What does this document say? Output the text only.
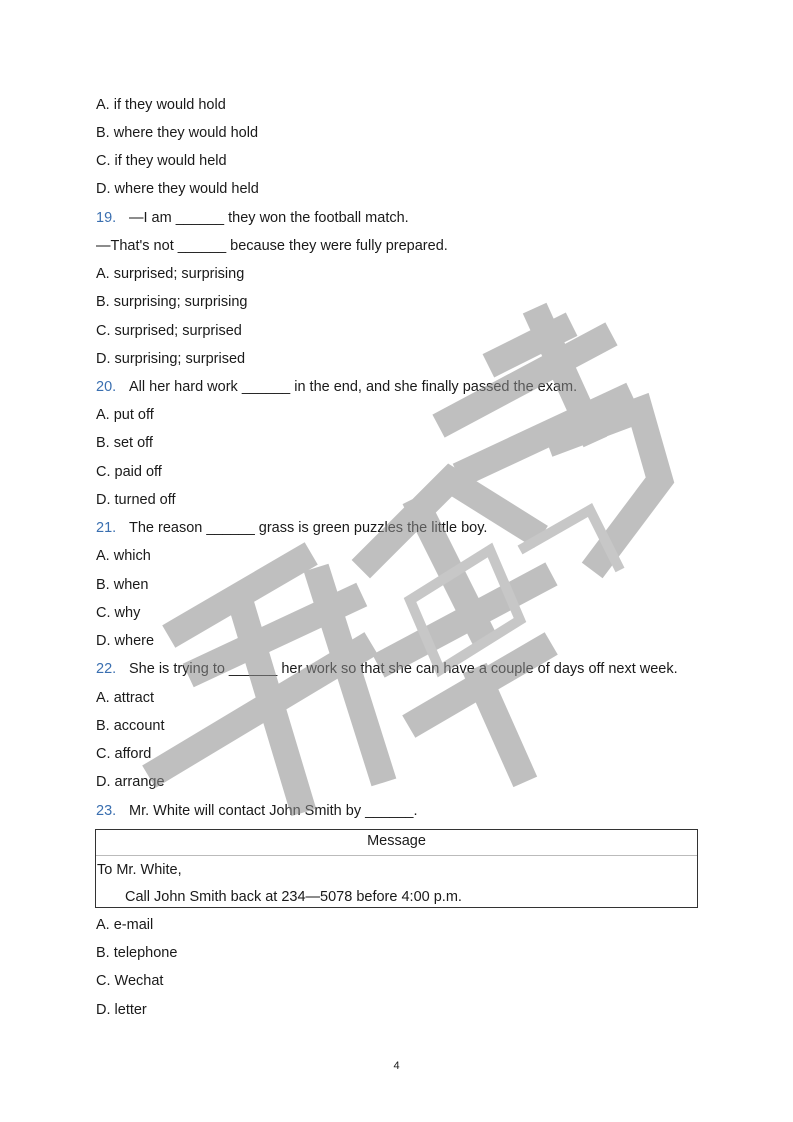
A. if they would hold
B. where they would hold
C. if they would held
D. where they would held
19. —I am ______ they won the football match.
—That's not ______ because they were fully prepared.
A. surprised; surprising
B. surprising; surprising
C. surprised; surprised
D. surprising; surprised
20. All her hard work ______ in the end, and she finally passed the exam.
A. put off
B. set off
C. paid off
D. turned off
21. The reason ______ grass is green puzzles the little boy.
A. which
B. when
C. why
D. where
22. She is trying to ______ her work so that she can have a couple of days off next week.
A. attract
B. account
C. afford
D. arrange
23. Mr. White will contact John Smith by ______.
Message
To Mr. White,
Call John Smith back at 234—5078 before 4:00 p.m.
A. e-mail
B. telephone
C. Wechat
D. letter
4
